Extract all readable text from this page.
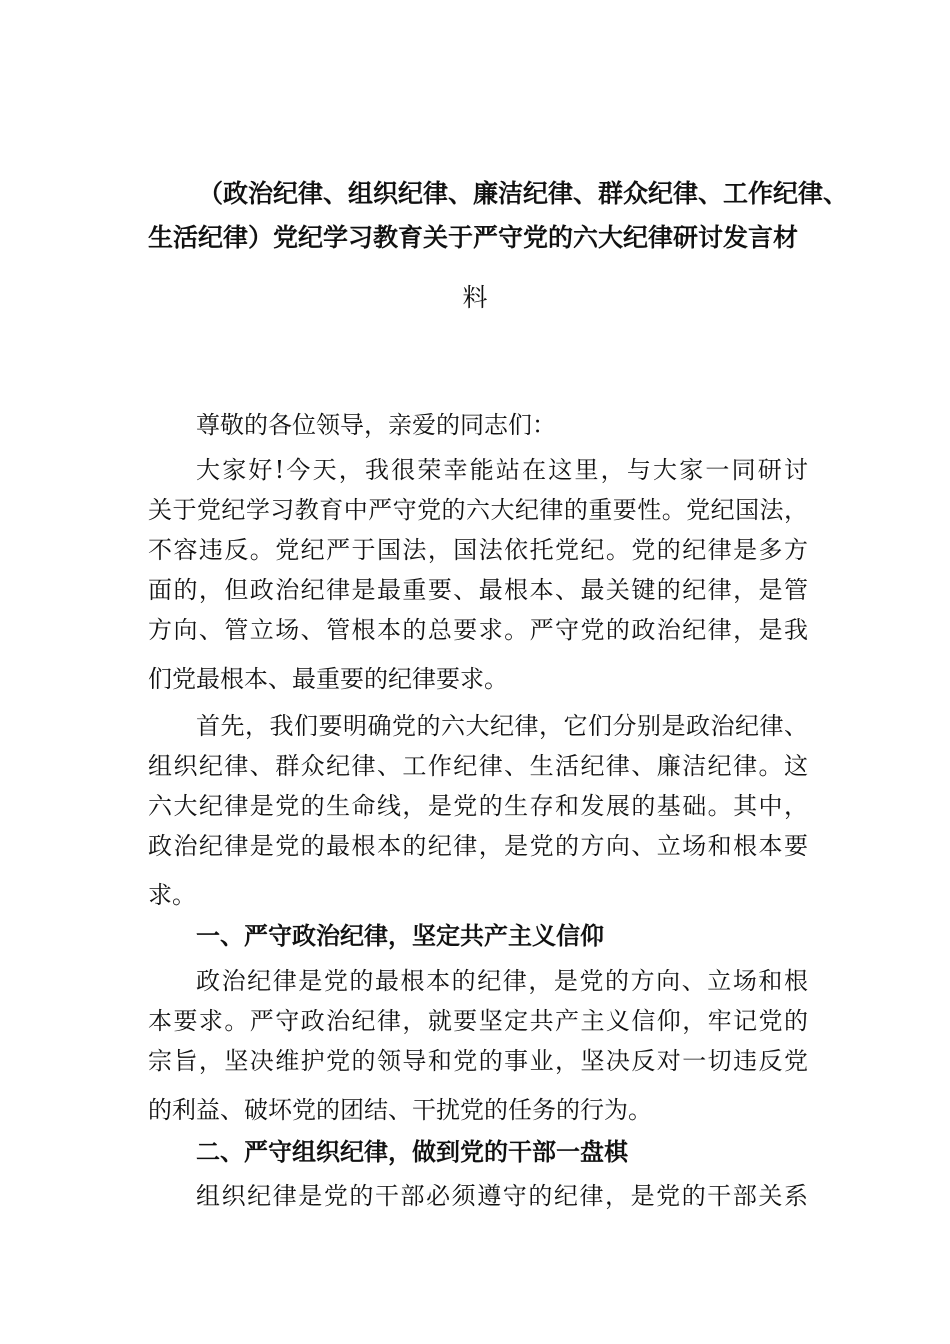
（政治纪律、组织纪律、廉洁纪律、群众纪律、工作纪律、
生活纪律）党纪学习教育关于严守党的六大纪律研讨发言材
料
尊敬的各位领导，亲爱的同志们：
大家好!今天，我很荣幸能站在这里，与大家一同研讨
关于党纪学习教育中严守党的六大纪律的重要性。党纪国法，
不容违反。党纪严于国法，国法依托党纪。党的纪律是多方
面的，但政治纪律是最重要、最根本、最关键的纪律，是管
方向、管立场、管根本的总要求。严守党的政治纪律，是我
们党最根本、最重要的纪律要求。
首先，我们要明确党的六大纪律，它们分别是政治纪律、
组织纪律、群众纪律、工作纪律、生活纪律、廉洁纪律。这
六大纪律是党的生命线，是党的生存和发展的基础。其中，
政治纪律是党的最根本的纪律，是党的方向、立场和根本要
求。
一、严守政治纪律，坚定共产主义信仰
政治纪律是党的最根本的纪律，是党的方向、立场和根
本要求。严守政治纪律，就要坚定共产主义信仰，牢记党的
宗旨，坚决维护党的领导和党的事业，坚决反对一切违反党
的利益、破坏党的团结、干扰党的任务的行为。
二、严守组织纪律，做到党的干部一盘棋
组织纪律是党的干部必须遵守的纪律，是党的干部关系
